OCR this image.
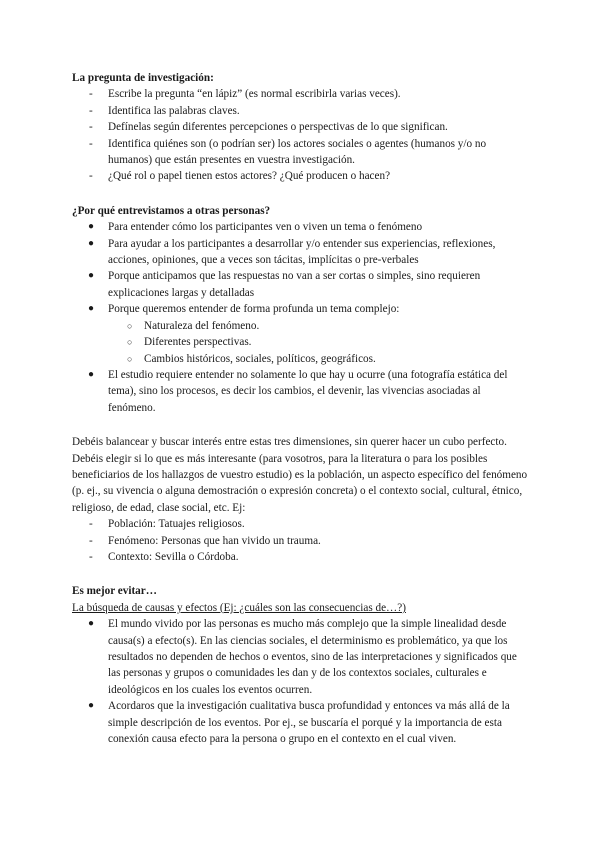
La pregunta de investigación:

- Escribe la pregunta “en lápiz” (es normal escribirla varias veces).
- Identifica las palabras claves.
- Defínelas según diferentes percepciones o perspectivas de lo que significan.
- Identifica quiénes son (o podrían ser) los actores sociales o agentes (humanos y/o no humanos) que están presentes en vuestra investigación.
- ¿Qué rol o papel tienen estos actores? ¿Qué producen o hacen?

¿Por qué entrevistamos a otras personas?

● Para entender cómo los participantes ven o viven un tema o fenómeno
● Para ayudar a los participantes a desarrollar y/o entender sus experiencias, reflexiones, acciones, opiniones, que a veces son tácitas, implícitas o pre-verbales
● Porque anticipamos que las respuestas no van a ser cortas o simples, sino requieren explicaciones largas y detalladas
● Porque queremos entender de forma profunda un tema complejo:
○ Naturaleza del fenómeno.
○ Diferentes perspectivas.
○ Cambios históricos, sociales, políticos, geográficos.
● El estudio requiere entender no solamente lo que hay u ocurre (una fotografía estática del tema), sino los procesos, es decir los cambios, el devenir, las vivencias asociadas al fenómeno.

Debéis balancear y buscar interés entre estas tres dimensiones, sin querer hacer un cubo perfecto. Debéis elegir si lo que es más interesante (para vosotros, para la literatura o para los posibles beneficiarios de los hallazgos de vuestro estudio) es la población, un aspecto específico del fenómeno (p. ej., su vivencia o alguna demostración o expresión concreta) o el contexto social, cultural, étnico, religioso, de edad, clase social, etc. Ej:

- Población: Tatuajes religiosos.
- Fenómeno: Personas que han vivido un trauma.
- Contexto: Sevilla o Córdoba.

Es mejor evitar…

La búsqueda de causas y efectos (Ej: ¿cuáles son las consecuencias de…?)

● El mundo vivido por las personas es mucho más complejo que la simple linealidad desde causa(s) a efecto(s). En las ciencias sociales, el determinismo es problemático, ya que los resultados no dependen de hechos o eventos, sino de las interpretaciones y significados que las personas y grupos o comunidades les dan y de los contextos sociales, culturales e ideológicos en los cuales los eventos ocurren.
● Acordaros que la investigación cualitativa busca profundidad y entonces va más allá de la simple descripción de los eventos. Por ej., se buscaría el porqué y la importancia de esta conexión causa efecto para la persona o grupo en el contexto en el cual viven.
